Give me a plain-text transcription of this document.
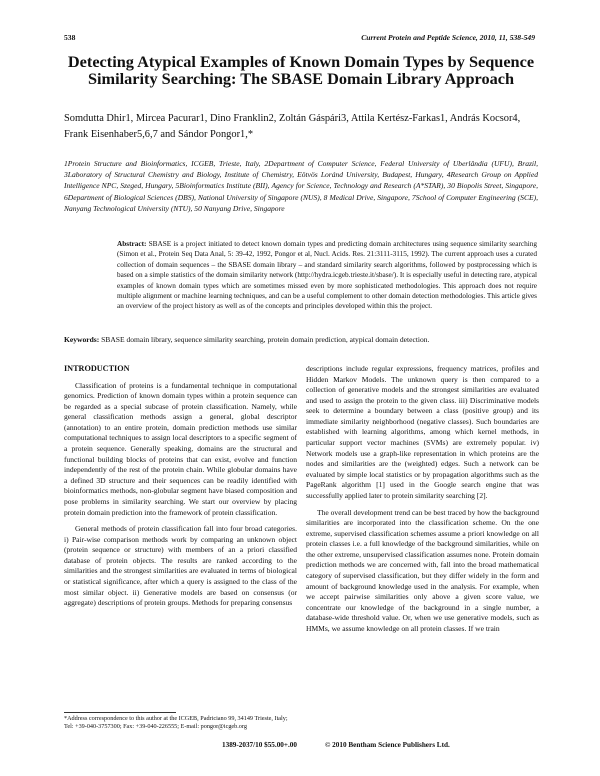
538	Current Protein and Peptide Science, 2010, 11, 538-549
Detecting Atypical Examples of Known Domain Types by Sequence Similarity Searching: The SBASE Domain Library Approach
Somdutta Dhir1, Mircea Pacurar1, Dino Franklin2, Zoltán Gáspári3, Attila Kertész-Farkas1, András Kocsor4, Frank Eisenhaber5,6,7 and Sándor Pongor1,*
1Protein Structure and Bioinformatics, ICGEB, Trieste, Italy, 2Department of Computer Science, Federal University of Uberlândia (UFU), Brazil, 3Laboratory of Structural Chemistry and Biology, Institute of Chemistry, Eötvös Loránd University, Budapest, Hungary, 4Research Group on Applied Intelligence NPC, Szeged, Hungary, 5Bioinformatics Institute (BII), Agency for Science, Technology and Research (A*STAR), 30 Biopolis Street, Singapore, 6Department of Biological Sciences (DBS), National University of Singapore (NUS), 8 Medical Drive, Singapore, 7School of Computer Engineering (SCE), Nanyang Technological University (NTU), 50 Nanyang Drive, Singapore
Abstract: SBASE is a project initiated to detect known domain types and predicting domain architectures using sequence similarity searching (Simon et al., Protein Seq Data Anal, 5: 39-42, 1992, Pongor et al, Nucl. Acids. Res. 21:3111-3115, 1992). The current approach uses a curated collection of domain sequences – the SBASE domain library – and standard similarity search algorithms, followed by postprocessing which is based on a simple statistics of the domain similarity network (http://hydra.icgeb.trieste.it/sbase/). It is especially useful in detecting rare, atypical examples of known domain types which are sometimes missed even by more sophisticated methodologies. This approach does not require multiple alignment or machine learning techniques, and can be a useful complement to other domain detection methodologies. This article gives an overview of the project history as well as of the concepts and principles developed within this the project.
Keywords: SBASE domain library, sequence similarity searching, protein domain prediction, atypical domain detection.
INTRODUCTION

Classification of proteins is a fundamental technique in computational genomics. Prediction of known domain types within a protein sequence can be regarded as a special subcase of protein classification. Namely, while general classification methods assign a general, global descriptor (annotation) to an entire protein, domain prediction methods use similar computational techniques to assign local descriptors to a specific segment of a protein sequence. Generally speaking, domains are the structural and functional building blocks of proteins that can exist, evolve and function independently of the rest of the protein chain. While globular domains have a defined 3D structure and their sequences can be readily identified with bioinformatics methods, non-globular segment have biased composition and pose problems in similarity searching. We start our overview by placing protein domain prediction into the framework of protein classification.

General methods of protein classification fall into four broad categories. i) Pair-wise comparison methods work by comparing an unknown object (protein sequence or structure) with members of an a priori classified database of protein objects. The results are ranked according to the similarities and the strongest similarities are evaluated in terms of biological or statistical significance, after which a query is assigned to the class of the most similar object. ii) Generative models are based on consensus (or aggregate) descriptions of protein groups. Methods for preparing consensus

descriptions include regular expressions, frequency matrices, profiles and Hidden Markov Models. The unknown query is then compared to a collection of generative models and the strongest similarities are evaluated and used to assign the protein to the given class. iii) Discriminative models seek to determine a boundary between a class (positive group) and its immediate similarity neighborhood (negative classes). Such boundaries are established with learning algorithms, among which kernel methods, in particular support vector machines (SVMs) are extremely popular. iv) Network models use a graph-like representation in which proteins are the nodes and similarities are the (weighted) edges. Such a network can be evaluated by simple local statistics or by propagation algorithms such as the PageRank algorithm [1] used in the Google search engine that was successfully applied later to protein similarity searching [2].

The overall development trend can be best traced by how the background similarities are incorporated into the classification scheme. On the one extreme, supervised classification schemes assume a priori knowledge on all protein classes i.e. a full knowledge of the background similarities, while on the other extreme, unsupervised classification assumes none. Protein domain prediction methods we are concerned with, fall into the broad mathematical category of supervised classification, but they differ widely in the form and amount of background knowledge used in the analysis. For example, when we accept pairwise similarities only above a given score value, we concentrate our knowledge of the background in a single number, a database-wide threshold value. Or, when we use generative models, such as HMMs, we assume knowledge on all protein classes. If we train

*Address correspondence to this author at the ICGEB, Padriciano 99, 34149 Trieste, Italy; Tel: +39-040-3757300; Fax: +39-040-226555; E-mail: pongor@icgeb.org
1389-2037/10 $55.00+.00	© 2010 Bentham Science Publishers Ltd.
